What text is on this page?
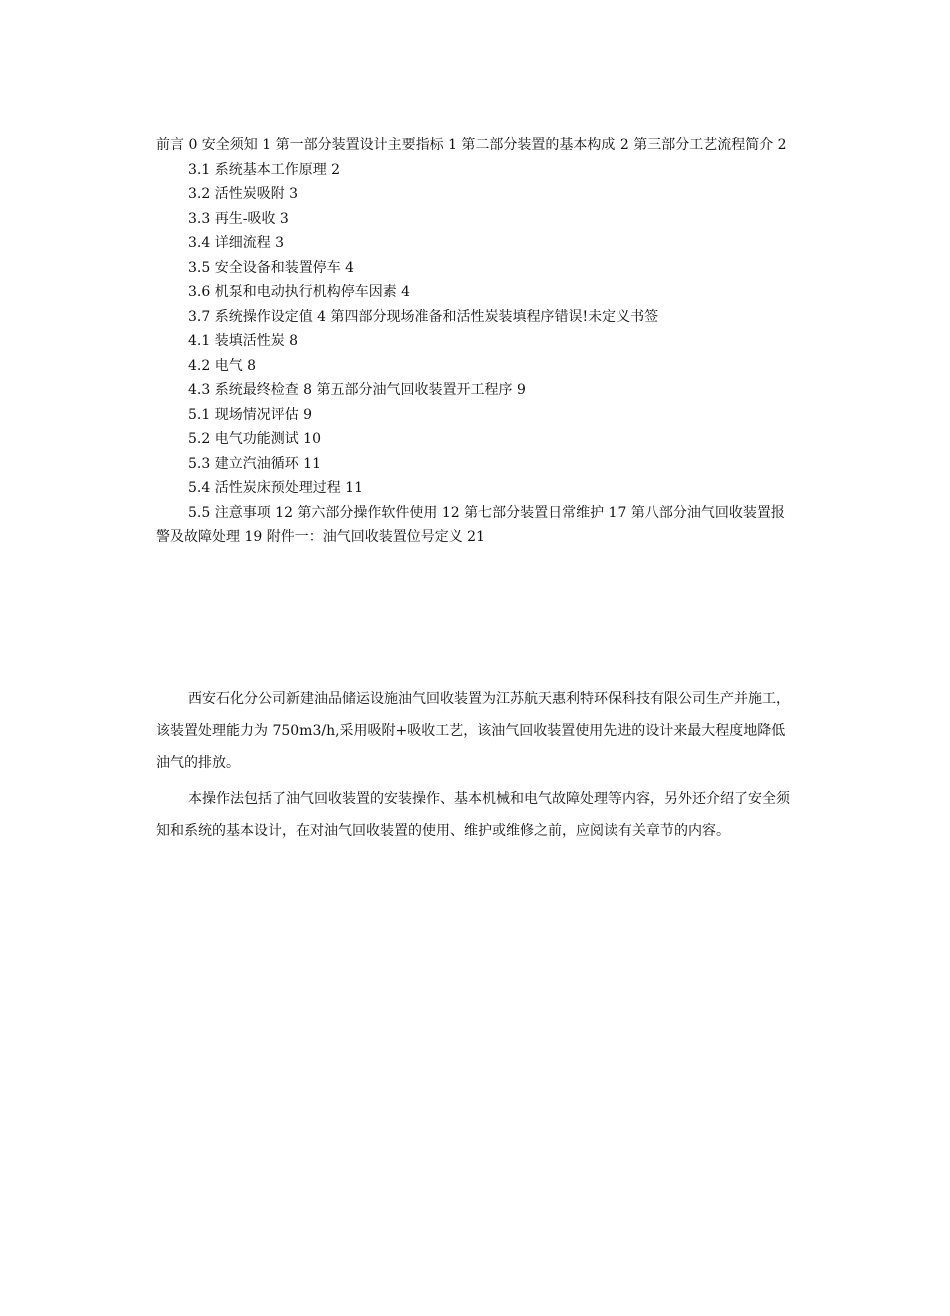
前言 0 安全须知 1 第一部分装置设计主要指标 1 第二部分装置的基本构成 2 第三部分工艺流程简介 2
3.1 系统基本工作原理 2
3.2 活性炭吸附 3
3.3 再生-吸收 3
3.4 详细流程 3
3.5 安全设备和装置停车 4
3.6 机泵和电动执行机构停车因素 4
3.7 系统操作设定值 4 第四部分现场准备和活性炭装填程序错误!未定义书签
4.1 装填活性炭 8
4.2 电气 8
4.3 系统最终检查 8 第五部分油气回收装置开工程序 9
5.1 现场情况评估 9
5.2 电气功能测试 10
5.3 建立汽油循环 11
5.4 活性炭床预处理过程 11
5.5 注意事项 12 第六部分操作软件使用 12 第七部分装置日常维护 17 第八部分油气回收装置报警及故障处理 19 附件一：油气回收装置位号定义 21

西安石化分公司新建油品储运设施油气回收装置为江苏航天惠利特环保科技有限公司生产并施工，该装置处理能力为 750m3/h,采用吸附+吸收工艺，该油气回收装置使用先进的设计来最大程度地降低油气的排放。

本操作法包括了油气回收装置的安装操作、基本机械和电气故障处理等内容，另外还介绍了安全须知和系统的基本设计，在对油气回收装置的使用、维护或维修之前，应阅读有关章节的内容。
